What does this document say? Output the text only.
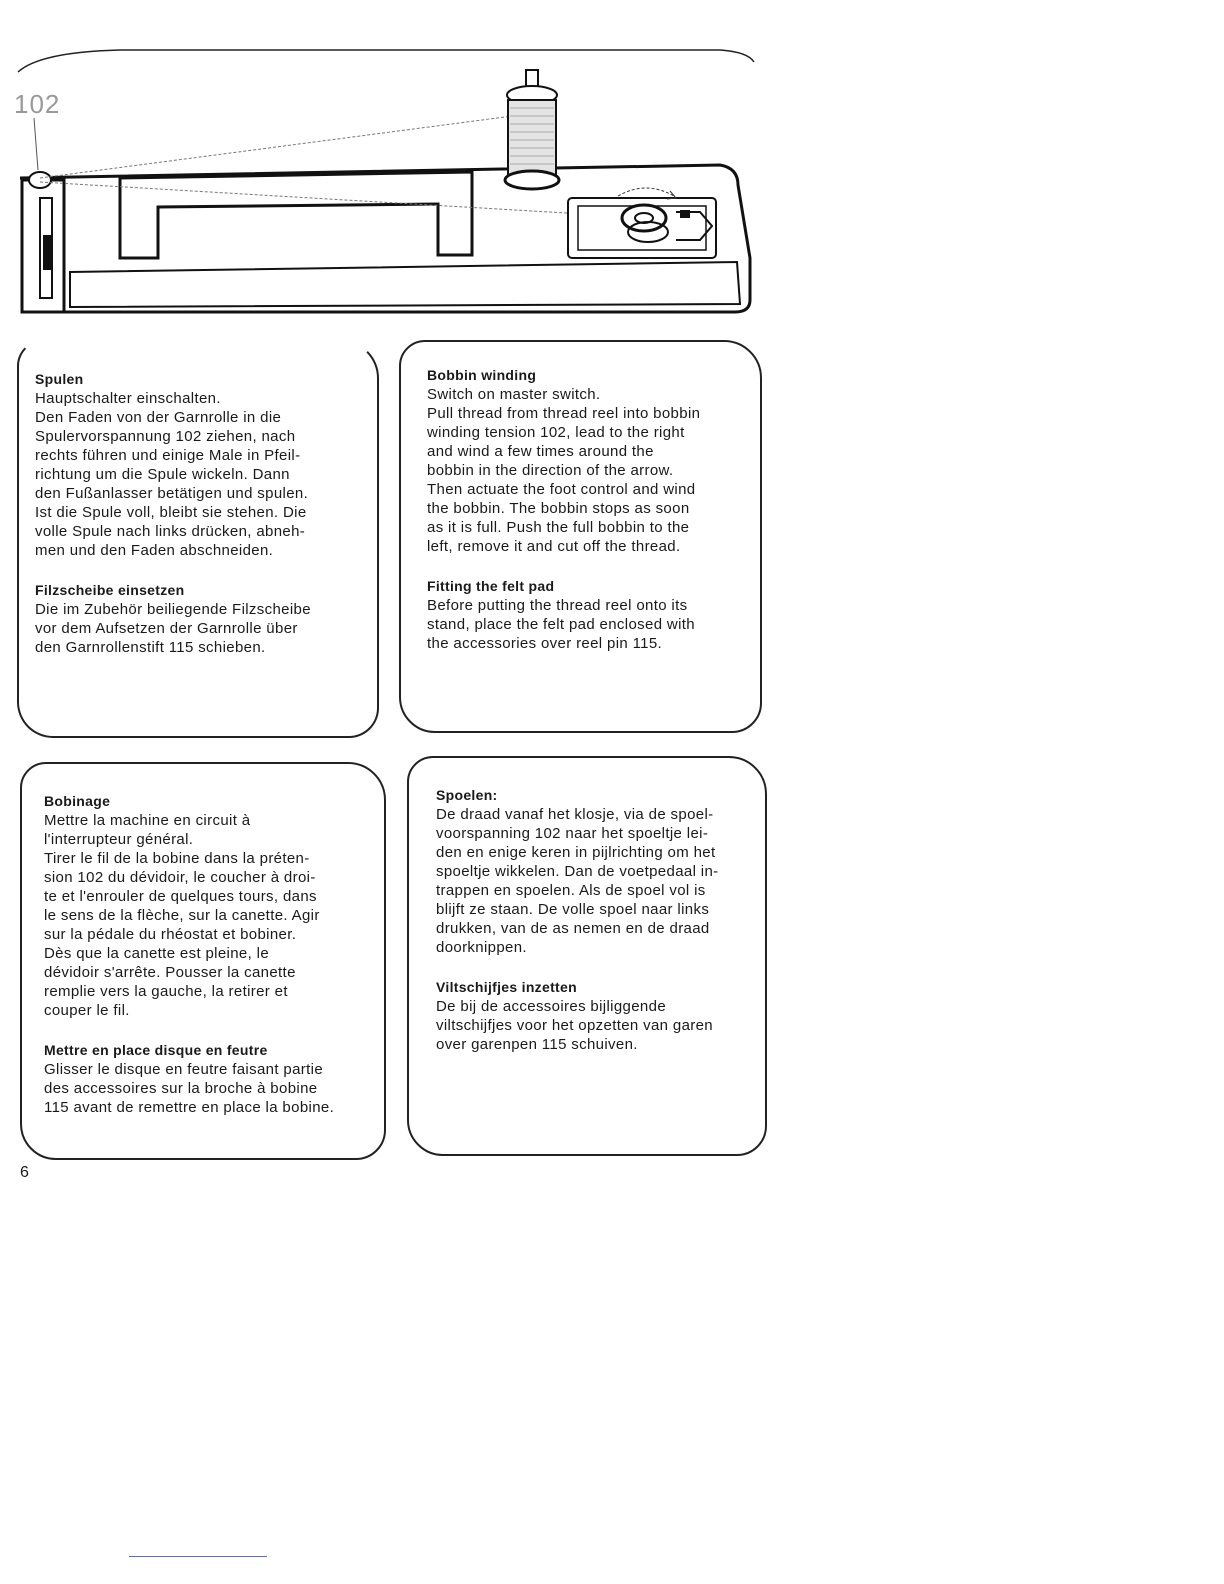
102

Spulen

Hauptschalter einschalten.
Den Faden von der Garnrolle in die
Spulervorspannung 102 ziehen, nach
rechts führen und einige Male in Pfeil-
richtung um die Spule wickeln. Dann
den Fußanlasser betätigen und spulen.
Ist die Spule voll, bleibt sie stehen. Die
volle Spule nach links drücken, abneh-
men und den Faden abschneiden.

Filzscheibe einsetzen

Die im Zubehör beiliegende Filzscheibe
vor dem Aufsetzen der Garnrolle über
den Garnrollenstift 115 schieben.

Bobbin winding

Switch on master switch.
Pull thread from thread reel into bobbin
winding tension 102, lead to the right
and wind a few times around the
bobbin in the direction of the arrow.
Then actuate the foot control and wind
the bobbin. The bobbin stops as soon
as it is full. Push the full bobbin to the
left, remove it and cut off the thread.

Fitting the felt pad

Before putting the thread reel onto its
stand, place the felt pad enclosed with
the accessories over reel pin 115.

Bobinage

Mettre la machine en circuit à
l'interrupteur général.
Tirer le fil de la bobine dans la préten-
sion 102 du dévidoir, le coucher à droi-
te et l'enrouler de quelques tours, dans
le sens de la flèche, sur la canette. Agir
sur la pédale du rhéostat et bobiner.
Dès que la canette est pleine, le
dévidoir s'arrête. Pousser la canette
remplie vers la gauche, la retirer et
couper le fil.

Mettre en place disque en feutre

Glisser le disque en feutre faisant partie
des accessoires sur la broche à bobine
115 avant de remettre en place la bobine.

Spoelen:

De draad vanaf het klosje, via de spoel-
voorspanning 102 naar het spoeltje lei-
den en enige keren in pijlrichting om het
spoeltje wikkelen. Dan de voetpedaal in-
trappen en spoelen. Als de spoel vol is
blijft ze staan. De volle spoel naar links
drukken, van de as nemen en de draad
doorknippen.

Viltschijfjes inzetten

De bij de accessoires bijliggende
viltschijfjes voor het opzetten van garen
over garenpen 115 schuiven.

6
